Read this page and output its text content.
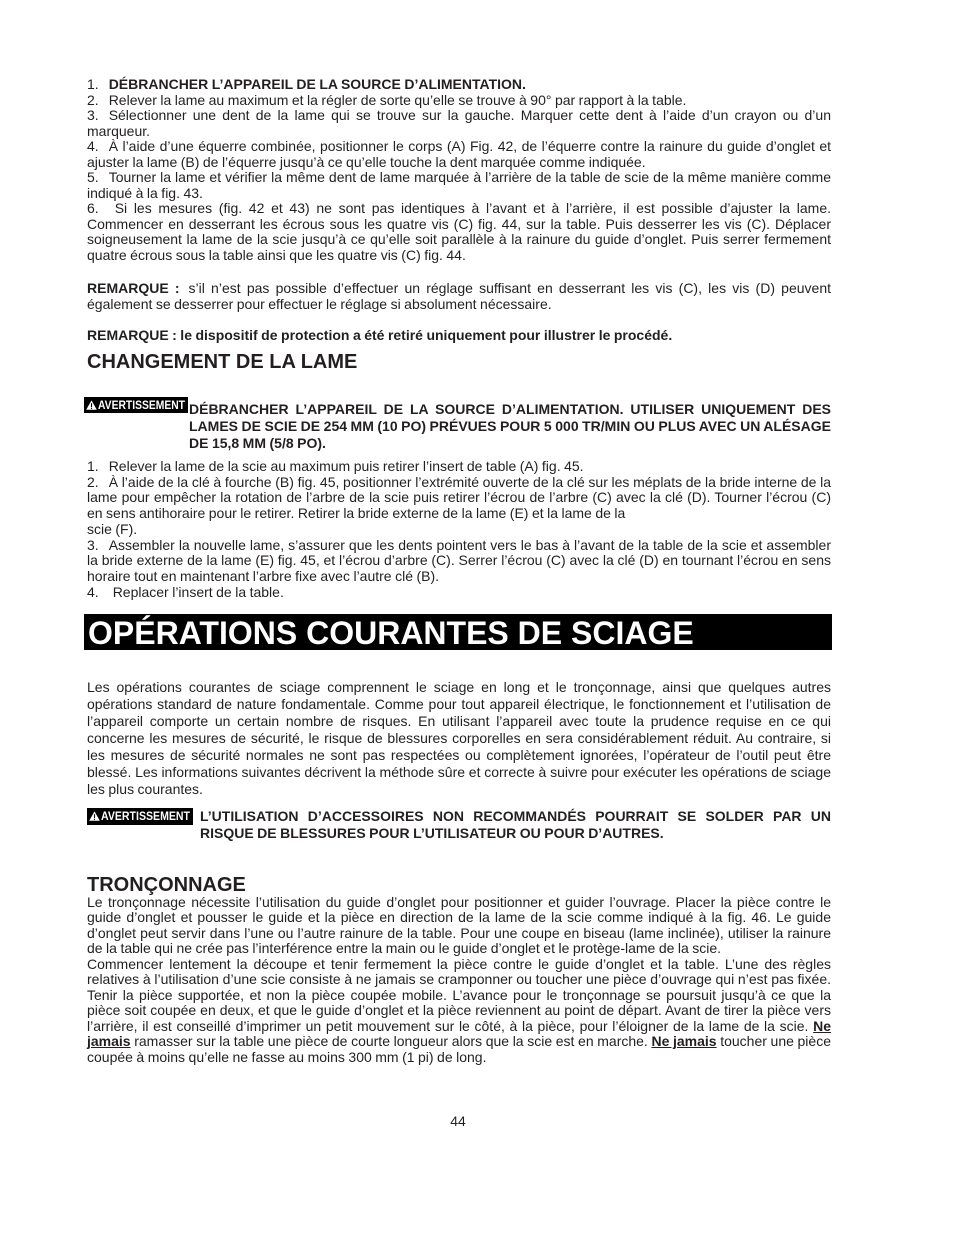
1. DÉBRANCHER L’APPAREIL DE LA SOURCE D’ALIMENTATION.

2. Relever la lame au maximum et la régler de sorte qu’elle se trouve à 90° par rapport à la table.

3. Sélectionner une dent de la lame qui se trouve sur la gauche. Marquer cette dent à l’aide d’un crayon ou d’un marqueur.

4. À l’aide d’une équerre combinée, positionner le corps (A) Fig. 42, de l’équerre contre la rainure du guide d’onglet et ajuster la lame (B) de l’équerre jusqu’à ce qu’elle touche la dent marquée comme indiquée.

5. Tourner la lame et vérifier la même dent de lame marquée à l’arrière de la table de scie de la même manière comme indiqué à la fig. 43.

6. Si les mesures (fig. 42 et 43) ne sont pas identiques à l’avant et à l’arrière, il est possible d’ajuster la lame. Commencer en desserrant les écrous sous les quatre vis (C) fig. 44, sur la table. Puis desserrer les vis (C). Déplacer soigneusement la lame de la scie jusqu’à ce qu’elle soit parallèle à la rainure du guide d’onglet. Puis serrer fermement quatre écrous sous la table ainsi que les quatre vis (C) fig. 44.

REMARQUE : s’il n’est pas possible d’effectuer un réglage suffisant en desserrant les vis (C), les vis (D) peuvent également se desserrer pour effectuer le réglage si absolument nécessaire.

REMARQUE : le dispositif de protection a été retiré uniquement pour illustrer le procédé.

CHANGEMENT DE LA LAME
AVERTISSEMENT DÉBRANCHER L’APPAREIL DE LA SOURCE D’ALIMENTATION. UTILISER UNIQUEMENT DES LAMES DE SCIE DE 254 MM (10 PO) PRÉVUES POUR 5 000 TR/MIN OU PLUS AVEC UN ALÉSAGE DE 15,8 MM (5/8 PO).

1. Relever la lame de la scie au maximum puis retirer l’insert de table (A) fig. 45.

2. À l’aide de la clé à fourche (B) fig. 45, positionner l’extrémité ouverte de la clé sur les méplats de la bride interne de la lame pour empêcher la rotation de l’arbre de la scie puis retirer l’écrou de l’arbre (C) avec la clé (D). Tourner l’écrou (C) en sens antihoraire pour le retirer. Retirer la bride externe de la lame (E) et la lame de la
scie (F).

3. Assembler la nouvelle lame, s’assurer que les dents pointent vers le bas à l’avant de la table de la scie et assembler la bride externe de la lame (E) fig. 45, et l’écrou d’arbre (C). Serrer l’écrou (C) avec la clé (D) en tournant l’écrou en sens horaire tout en maintenant l’arbre fixe avec l’autre clé (B).

4. Replacer l’insert de la table.

OPÉRATIONS COURANTES DE SCIAGE

Les opérations courantes de sciage comprennent le sciage en long et le tronçonnage, ainsi que quelques autres opérations standard de nature fondamentale. Comme pour tout appareil électrique, le fonctionnement et l’utilisation de l’appareil comporte un certain nombre de risques. En utilisant l’appareil avec toute la prudence requise en ce qui concerne les mesures de sécurité, le risque de blessures corporelles en sera considérablement réduit. Au contraire, si les mesures de sécurité normales ne sont pas respectées ou complètement ignorées, l’opérateur de l’outil peut être blessé. Les informations suivantes décrivent la méthode sûre et correcte à suivre pour exécuter les opérations de sciage les plus courantes.

AVERTISSEMENT L’UTILISATION D’ACCESSOIRES NON RECOMMANDÉS POURRAIT SE SOLDER PAR UN RISQUE DE BLESSURES POUR L’UTILISATEUR OU POUR D’AUTRES.

TRONÇONNAGE

Le tronçonnage nécessite l’utilisation du guide d’onglet pour positionner et guider l’ouvrage. Placer la pièce contre le guide d’onglet et pousser le guide et la pièce en direction de la lame de la scie comme indiqué à la fig. 46. Le guide d’onglet peut servir dans l’une ou l’autre rainure de la table. Pour une coupe en biseau (lame inclinée), utiliser la rainure de la table qui ne crée pas l’interférence entre la main ou le guide d’onglet et le protège-lame de la scie.

Commencer lentement la découpe et tenir fermement la pièce contre le guide d’onglet et la table. L’une des règles relatives à l’utilisation d’une scie consiste à ne jamais se cramponner ou toucher une pièce d’ouvrage qui n’est pas fixée. Tenir la pièce supportée, et non la pièce coupée mobile. L’avance pour le tronçonnage se poursuit jusqu’à ce que la pièce soit coupée en deux, et que le guide d’onglet et la pièce reviennent au point de départ. Avant de tirer la pièce vers l’arrière, il est conseillé d’imprimer un petit mouvement sur le côté, à la pièce, pour l’éloigner de la lame de la scie. Ne jamais ramasser sur la table une pièce de courte longueur alors que la scie est en marche. Ne jamais toucher une pièce coupée à moins qu’elle ne fasse au moins 300 mm (1 pi) de long.

44
